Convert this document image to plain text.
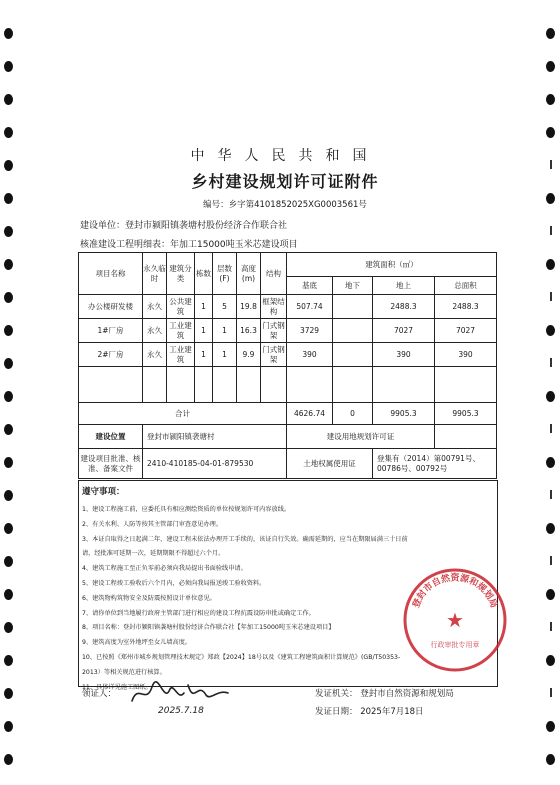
中华人民共和国
乡村建设规划许可证附件
编号：乡字第4101852025XG0003561号
建设单位：登封市颍阳镇袭塘村股份经济合作联合社
核准建设工程明细表：年加工15000吨玉米芯建设项目
项目名称	永久临时	建筑分类	栋数	层数(F)	高度(m)	结构	建筑面积（㎡）			
							基底	地下	地上	总面积
办公楼研发楼	永久	公共建筑	1	5	19.8	框架结构	507.74		2488.3	2488.3
1#厂房	永久	工业建筑	1	1	16.3	门式钢架	3729		7027	7027
2#厂房	永久	工业建筑	1	1	9.9	门式钢架	390		390	390

合计							4626.74	0	9905.3	9905.3
建设位置	登封市颍阳镇袭塘村						建设用地规划许可证			
建设项目批准、核准、备案文件	2410-410185-04-01-879530						土地权属使用证		登集有（2014）第00791号、00786号、00792号	
遵守事项：
1、建设工程施工前，应委托具有相应测绘资质的单位按规划许可内容放线。
2、有关水利、人防等按其主管部门审查意见办理。
3、本证自取得之日起满二年，建设工程未依法办理开工手续的，该证自行失效。确需延期的，应当在期限届满三十日前
请，经批准可延期一次，延期期限不得超过六个月。
4、建筑工程施工至正负零前必须向我局提出书面验线申请。
5、建设工程竣工验收后六个月内，必须向我局报送竣工验收资料。
6、建筑物构筑物安全及防震按照设计单位意见。
7、请你单位到当地履行政府主管部门进行相应的建设工程抗震设防审批或确定工作。
8、项目名称：登封市颍阳镇袭塘村股份经济合作联合社【年加工15000吨玉米芯建设项目】
9、建筑高度为室外地坪至女儿墙高度。
10、已按照《郑州市城乡规划管理技术规定》郑政【2024】18号以及《建筑工程建筑面积计算规范》(GB/T50353-
2013）等相关规范进行核算。
11、具体详见施工图纸。
登封市自然资源和规划局
★
行政审批专用章
2025.7.18
领证人：	发证机关： 登封市自然资源和规划局
发证日期： 2025年7月18日
